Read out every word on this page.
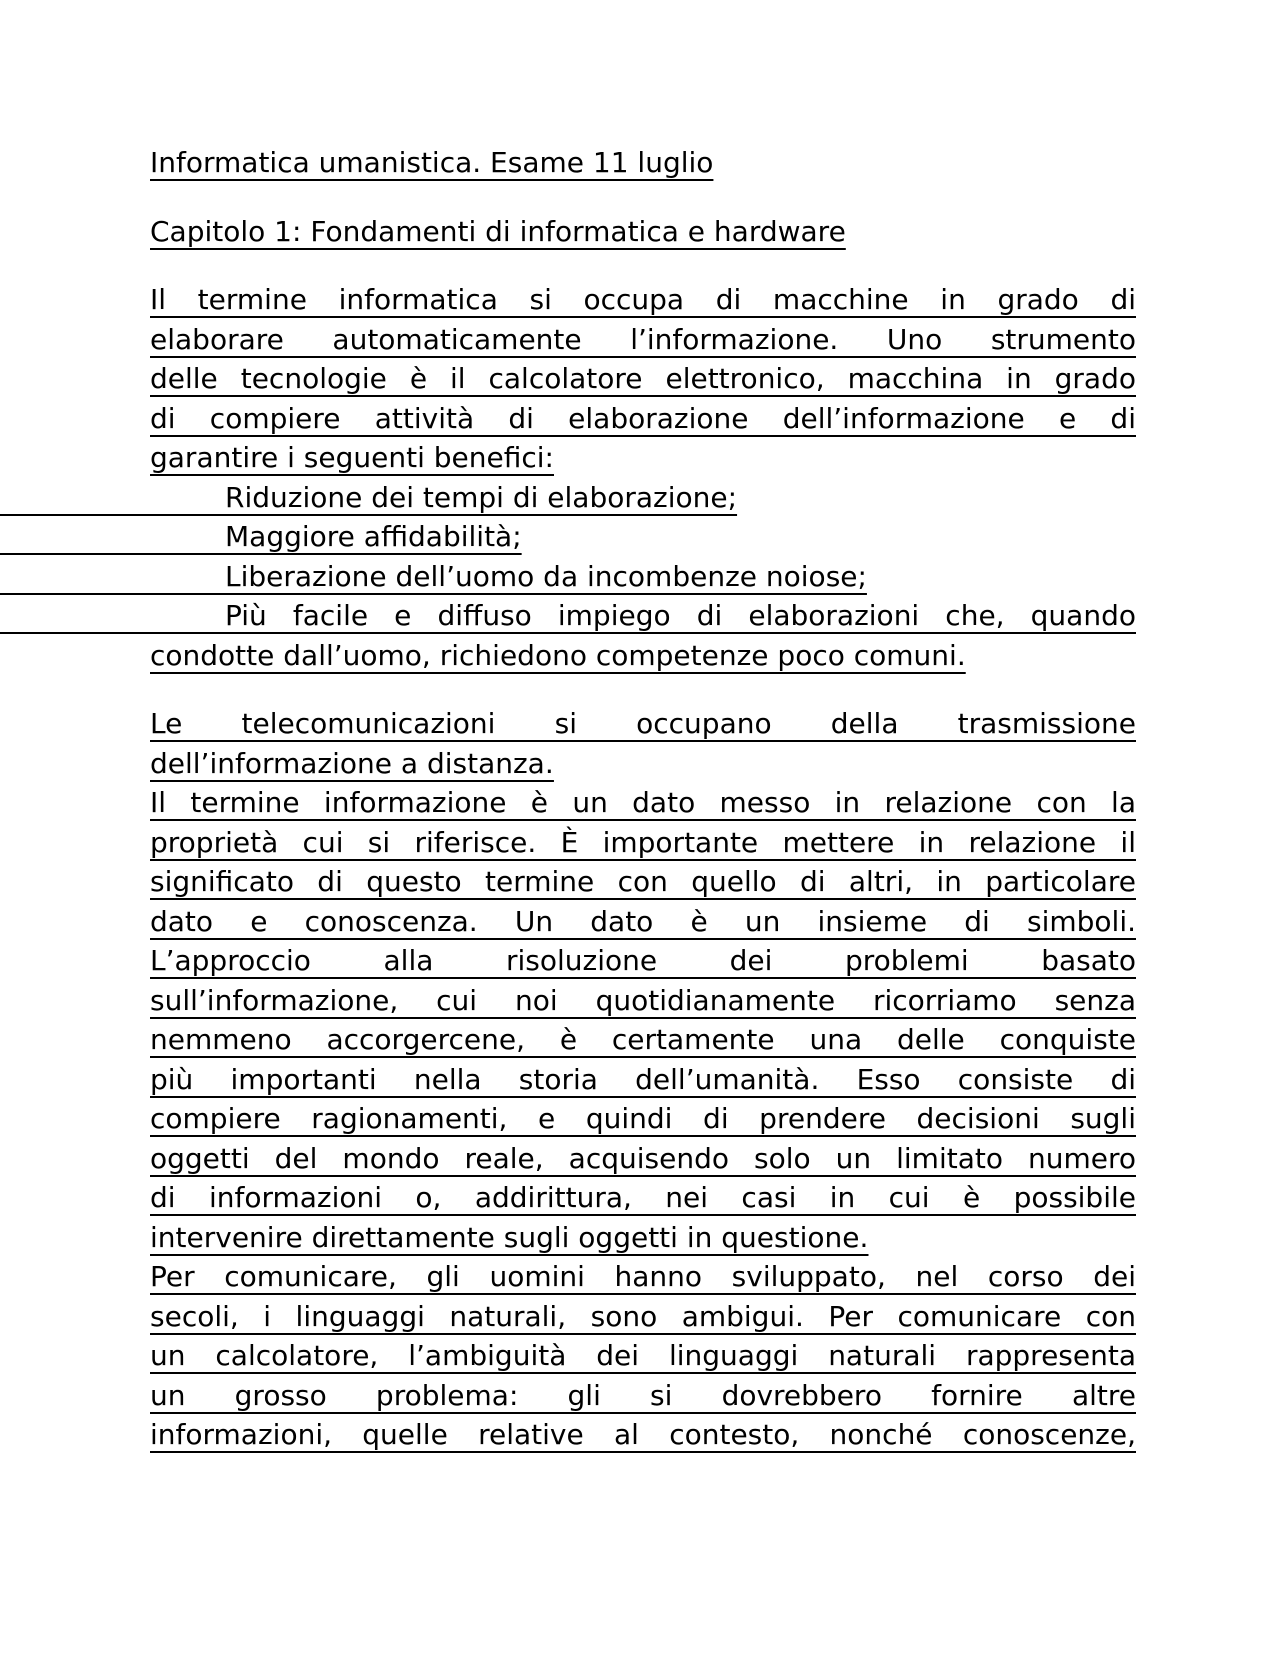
Informatica umanistica. Esame 11 luglio
Capitolo 1: Fondamenti di informatica e hardware
Il termine informatica si occupa di macchine in grado di
elaborare automaticamente l’informazione. Uno strumento
delle tecnologie è il calcolatore elettronico, macchina in grado
di compiere attività di elaborazione dell’informazione e di
garantire i seguenti benefici:
Riduzione dei tempi di elaborazione;
Maggiore affidabilità;
Liberazione dell’uomo da incombenze noiose;
Più facile e diffuso impiego di elaborazioni che, quando
condotte dall’uomo, richiedono competenze poco comuni.
Le telecomunicazioni si occupano della trasmissione
dell’informazione a distanza.
Il termine informazione è un dato messo in relazione con la
proprietà cui si riferisce. È importante mettere in relazione il
significato di questo termine con quello di altri, in particolare
dato e conoscenza. Un dato è un insieme di simboli.
L’approccio alla risoluzione dei problemi basato
sull’informazione, cui noi quotidianamente ricorriamo senza
nemmeno accorgercene, è certamente una delle conquiste
più importanti nella storia dell’umanità. Esso consiste di
compiere ragionamenti, e quindi di prendere decisioni sugli
oggetti del mondo reale, acquisendo solo un limitato numero
di informazioni o, addirittura, nei casi in cui è possibile
intervenire direttamente sugli oggetti in questione.
Per comunicare, gli uomini hanno sviluppato, nel corso dei
secoli, i linguaggi naturali, sono ambigui. Per comunicare con
un calcolatore, l’ambiguità dei linguaggi naturali rappresenta
un grosso problema: gli si dovrebbero fornire altre
informazioni, quelle relative al contesto, nonché conoscenze,
